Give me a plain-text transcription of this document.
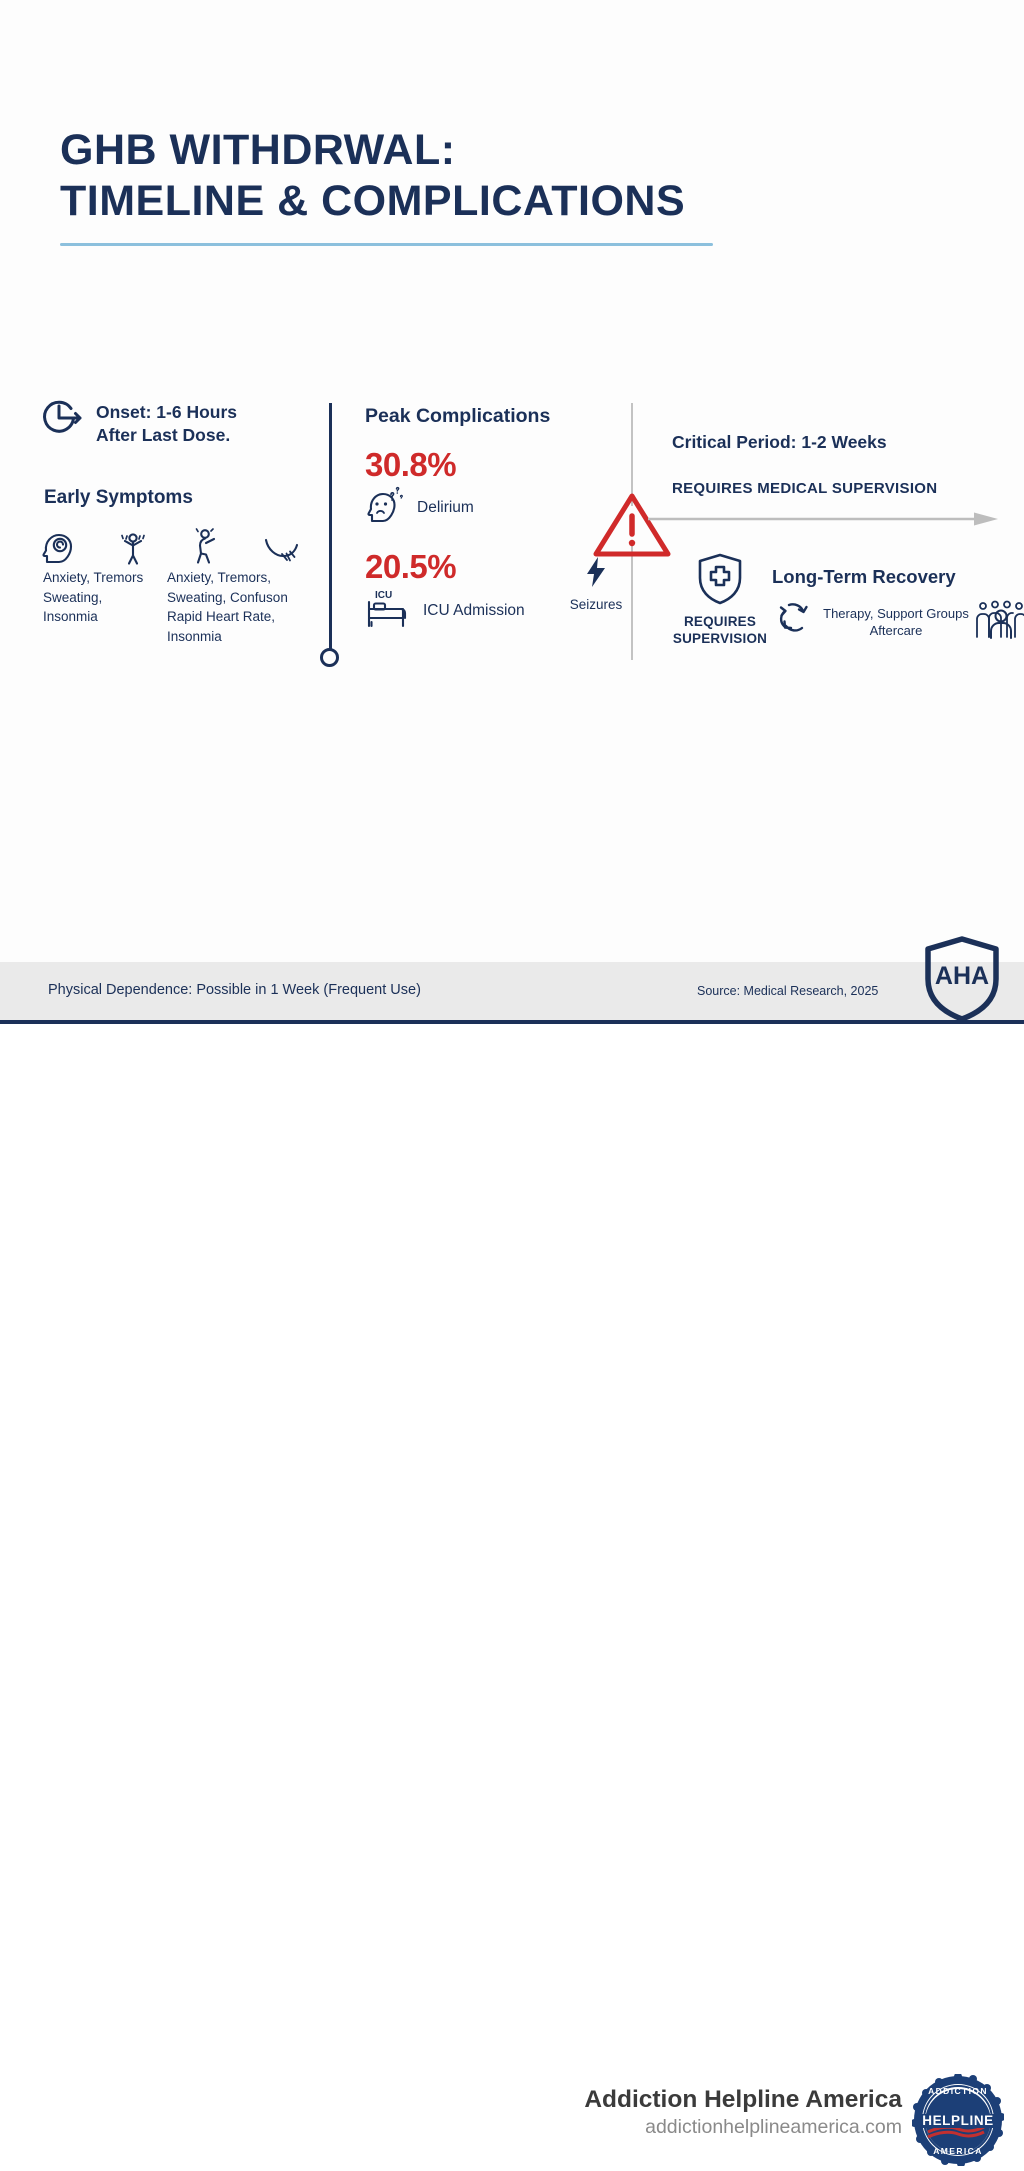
GHB WITHDRWAL:
TIMELINE & COMPLICATIONS
Onset: 1-6 Hours
After Last Dose.
Early Symptoms
Anxiety, Tremors Sweating, Insonmia
Anxiety, Tremors, Sweating, Confuson Rapid Heart Rate, Insonmia
Peak Complications
30.8%
Delirium
20.5%
ICU
ICU Admission	Seizures
Critical Period: 1-2 Weeks
REQUIRES MEDICAL SUPERVISION
REQUIRES
SUPERVISION
Long-Term Recovery
Therapy, Support Groups
Aftercare
Physical Dependence: Possible in 1 Week (Frequent Use)	Source: Medical Research, 2025
AHA
Addiction Helpline America
addictionhelplineamerica.com HELPLINE
ADDICTION
AMERICA
